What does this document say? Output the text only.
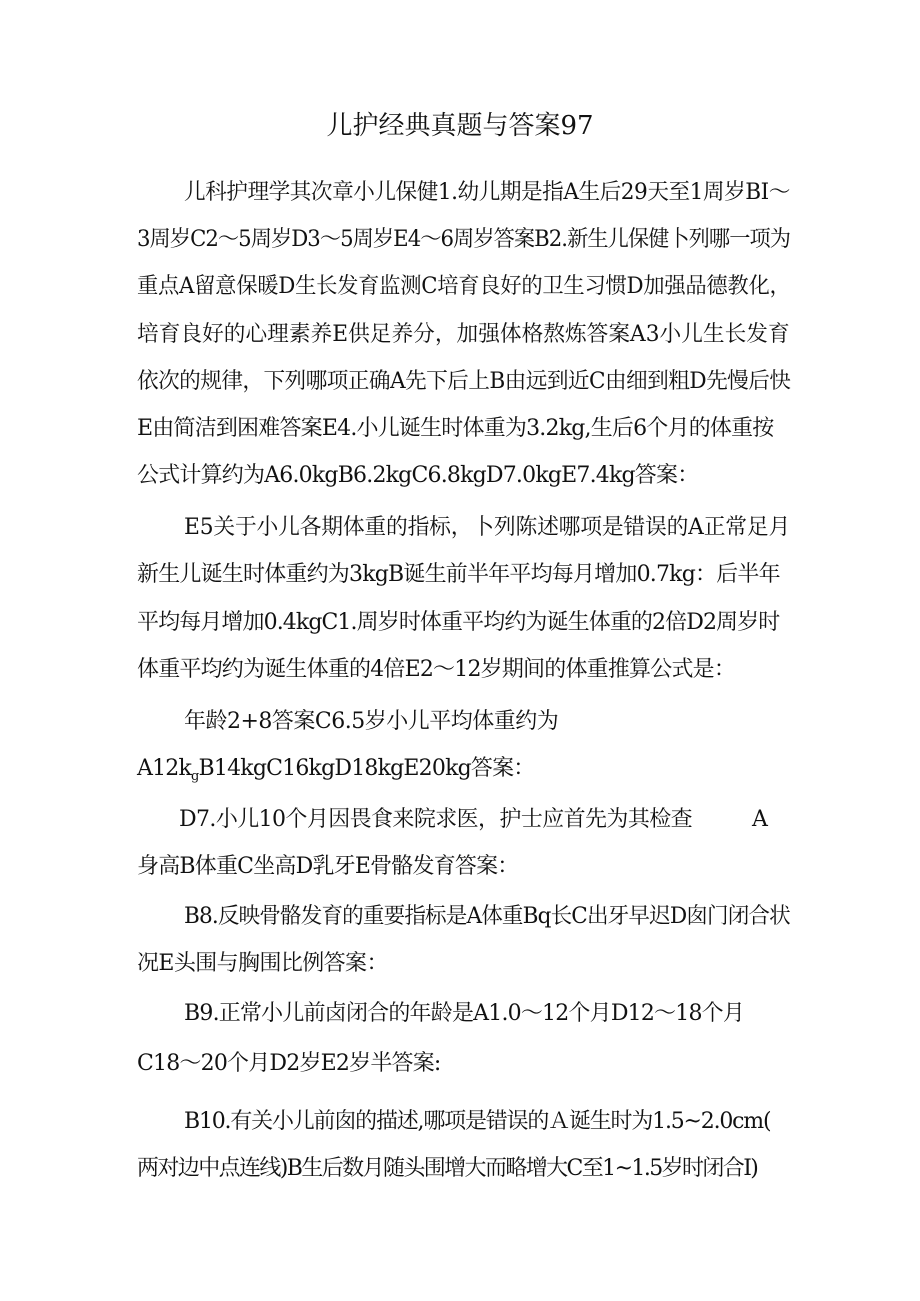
儿护经典真题与答案97
儿科护理学其次章小儿保健1.幼儿期是指A生后29天至1周岁BI～
3周岁C2～5周岁D3～5周岁E4～6周岁答案B2.新生儿保健卜列哪一项为
重点A留意保暖D生长发育监测C培育良好的卫生习惯D加强品德教化，
培育良好的心理素养E供足养分，加强体格熬炼答案A3小儿生长发育
依次的规律，下列哪项正确A先下后上B由远到近C由细到粗D先慢后快
E由简洁到困难答案E4.小儿诞生时体重为3.2kg,生后6个月的体重按
公式计算约为A6.0kgB6.2kgC6.8kgD7.0kgE7.4kg答案：
E5关于小儿各期体重的指标，卜列陈述哪项是错误的A正常足月
新生儿诞生时体重约为3kgB诞生前半年平均每月增加0.7kg：后半年
平均每月增加0.4kgC1.周岁时体重平均约为诞生体重的2倍D2周岁时
体重平均约为诞生体重的4倍E2～12岁期间的体重推算公式是：
年龄2+8答案C6.5岁小儿平均体重约为
$A12k_gB14kgC16kgD18kgE20kg$答案：
D7.小儿10个月因畏食来院求医，护士应首先为其检查	A
身高B体重C坐高D乳牙E骨骼发育答案：
B8.反映骨骼发育的重要指标是A体重Bq长C出牙早迟D囱门闭合状
况E头围与胸围比例答案：
B9.正常小儿前卤闭合的年龄是A1.0～12个月D12～18个月
C18～20个月D2岁E2岁半答案:
B10.有关小儿前囱的描述,哪项是错误的Ａ诞生时为1.5~2.0cm(
两对边中点连线)B生后数月随头围增大而略增大C至1~1.5岁时闭合I)
